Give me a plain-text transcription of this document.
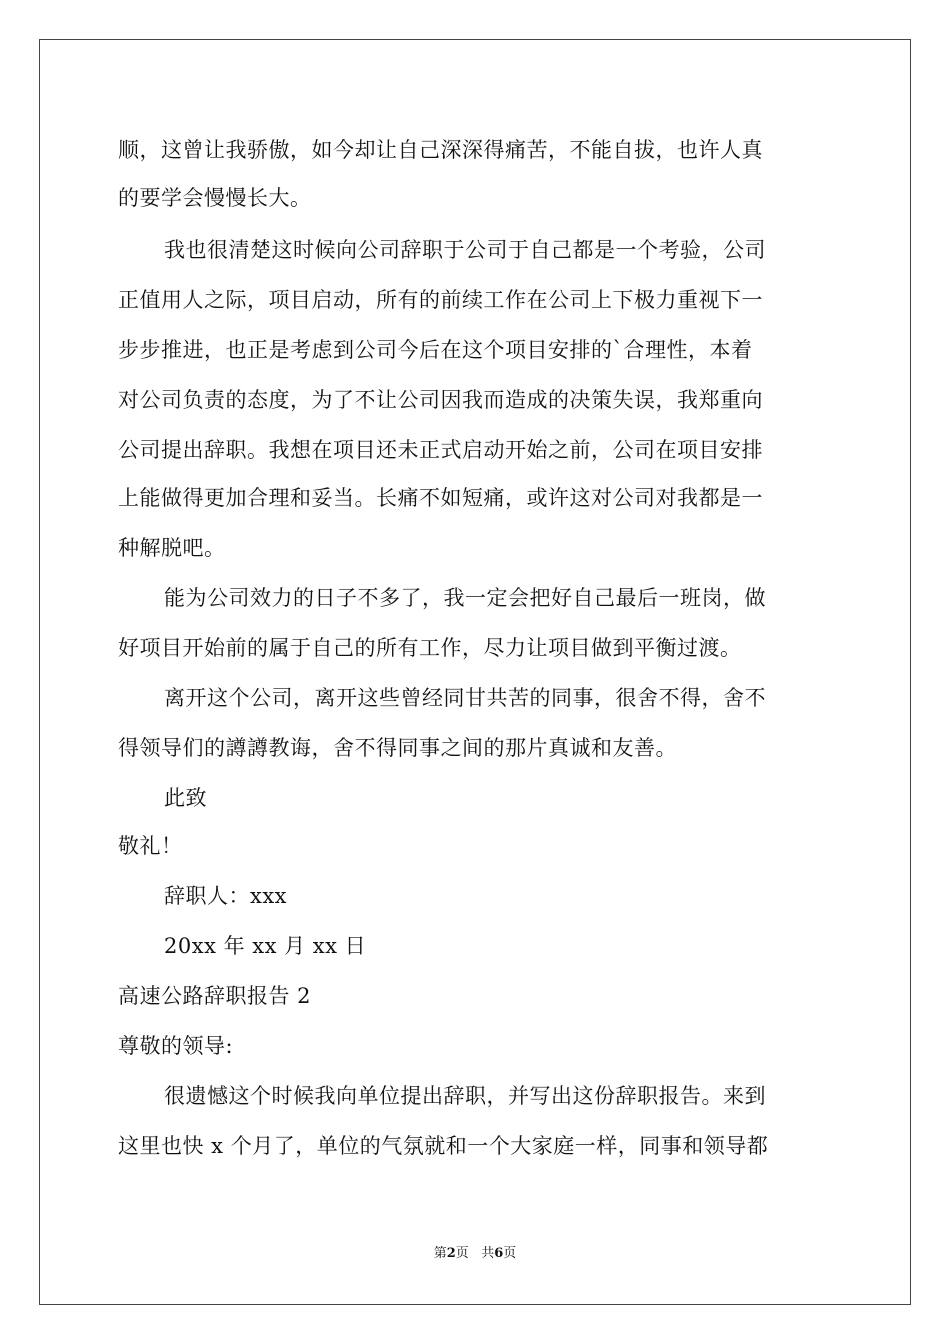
顺，这曾让我骄傲，如今却让自己深深得痛苦，不能自拔，也许人真
的要学会慢慢长大。
我也很清楚这时候向公司辞职于公司于自己都是一个考验，公司
正值用人之际，项目启动，所有的前续工作在公司上下极力重视下一
步步推进，也正是考虑到公司今后在这个项目安排的`合理性，本着
对公司负责的态度，为了不让公司因我而造成的决策失误，我郑重向
公司提出辞职。我想在项目还未正式启动开始之前，公司在项目安排
上能做得更加合理和妥当。长痛不如短痛，或许这对公司对我都是一
种解脱吧。
能为公司效力的日子不多了，我一定会把好自己最后一班岗，做
好项目开始前的属于自己的所有工作，尽力让项目做到平衡过渡。
离开这个公司，离开这些曾经同甘共苦的同事，很舍不得，舍不
得领导们的譐譐教诲，舍不得同事之间的那片真诚和友善。
此致
敬礼！
辞职人：xxx
20xx 年 xx 月 xx 日
高速公路辞职报告 2
尊敬的领导:
很遗憾这个时候我向单位提出辞职，并写出这份辞职报告。来到
这里也快 x 个月了，单位的气氛就和一个大家庭一样，同事和领导都
第2页 共6页
